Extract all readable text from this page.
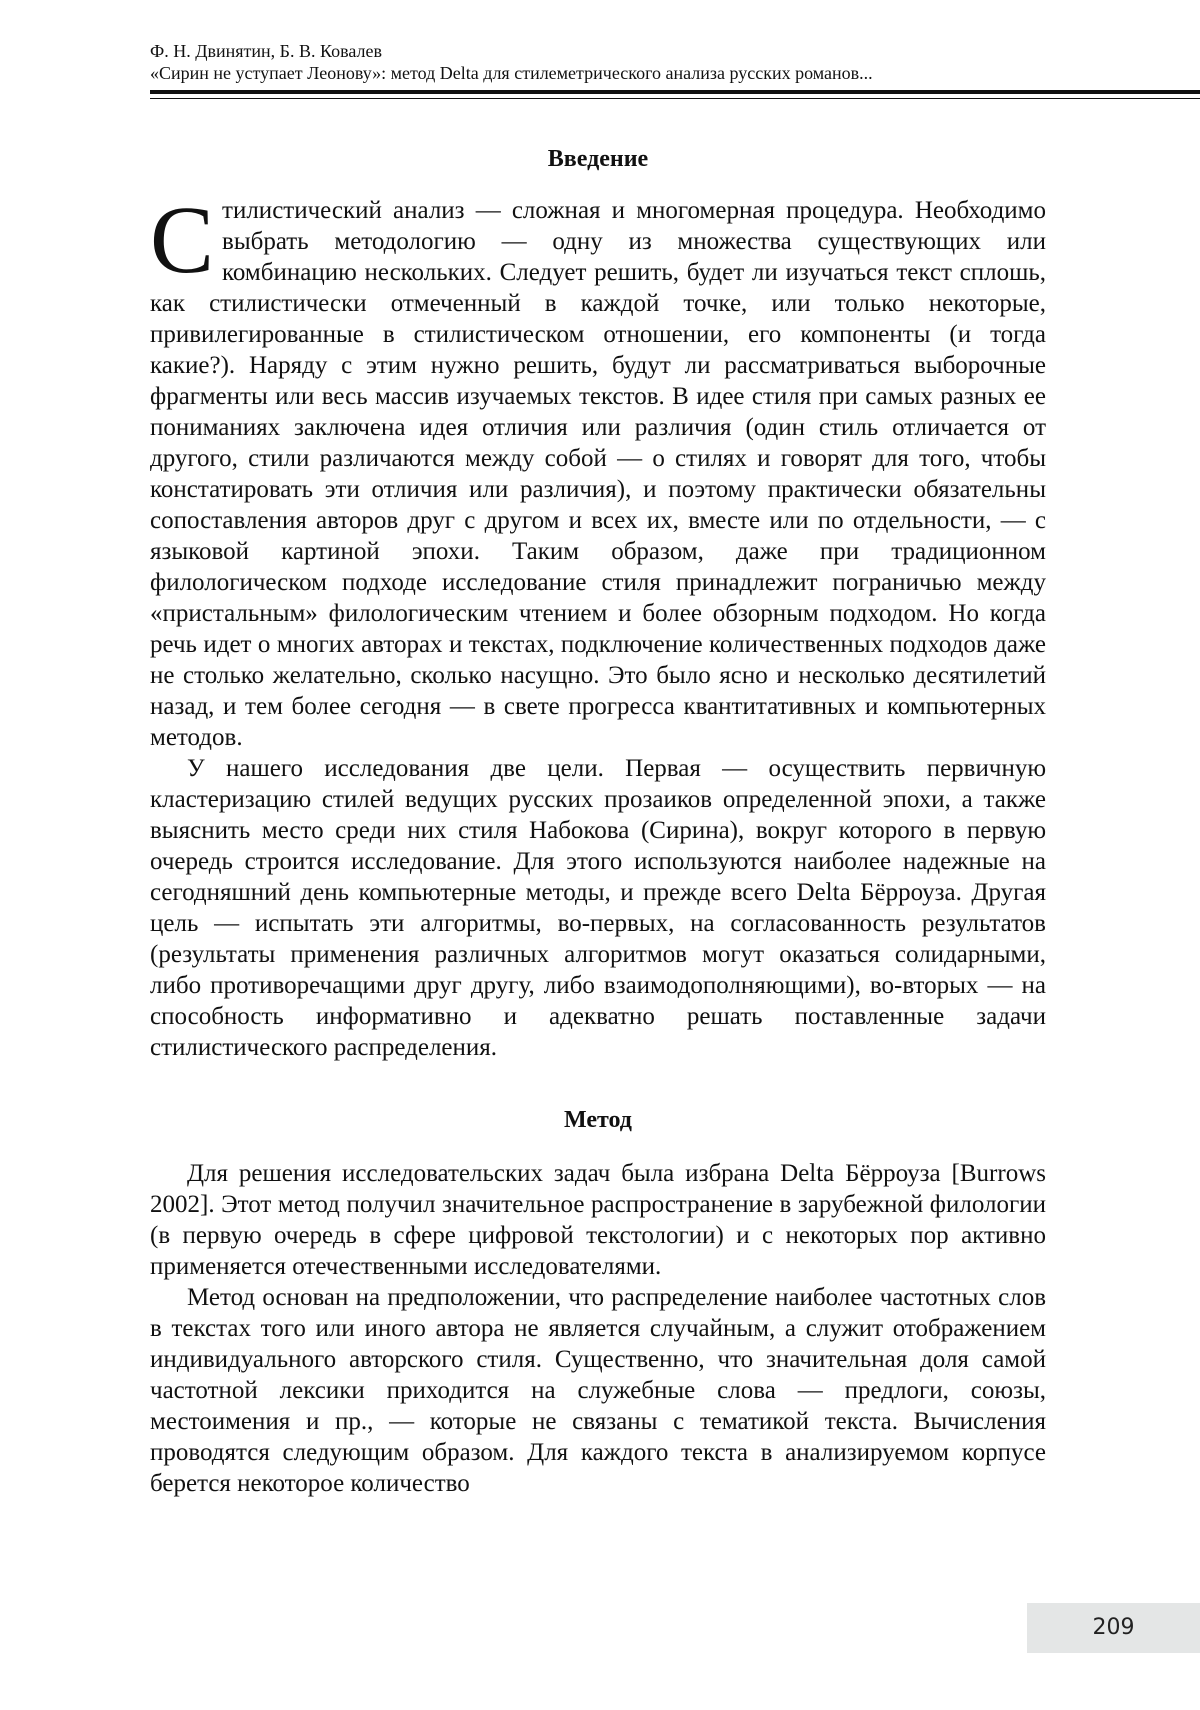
Ф. Н. Двинятин, Б. В. Ковалев
«Сирин не уступает Леонову»: метод Delta для стилеметрического анализа русских романов...
Введение

Стилистический анализ — сложная и многомерная процедура. Необходимо выбрать методологию — одну из множества существующих или комбинацию нескольких. Следует решить, будет ли изучаться текст сплошь, как стилистически отмеченный в каждой точке, или только некоторые, привилегированные в стилистическом отношении, его компоненты (и тогда какие?). Наряду с этим нужно решить, будут ли рассматриваться выборочные фрагменты или весь массив изучаемых текстов. В идее стиля при самых разных ее пониманиях заключена идея отличия или различия (один стиль отличается от другого, стили различаются между собой — о стилях и говорят для того, чтобы констатировать эти отличия или различия), и поэтому практически обязательны сопоставления авторов друг с другом и всех их, вместе или по отдельности, — с языковой картиной эпохи. Таким образом, даже при традиционном филологическом подходе исследование стиля принадлежит пограничью между «пристальным» филологическим чтением и более обзорным подходом. Но когда речь идет о многих авторах и текстах, подключение количественных подходов даже не столько желательно, сколько насущно. Это было ясно и несколько десятилетий назад, и тем более сегодня — в свете прогресса квантитативных и компьютерных методов.

У нашего исследования две цели. Первая — осуществить первичную кластеризацию стилей ведущих русских прозаиков определенной эпохи, а также выяснить место среди них стиля Набокова (Сирина), вокруг которого в первую очередь строится исследование. Для этого используются наиболее надежные на сегодняшний день компьютерные методы, и прежде всего Delta Бёрроуза. Другая цель — испытать эти алгоритмы, во-первых, на согласованность результатов (результаты применения различных алгоритмов могут оказаться солидарными, либо противоречащими друг другу, либо взаимодополняющими), во-вторых — на способность информативно и адекватно решать поставленные задачи стилистического распределения.

Метод

Для решения исследовательских задач была избрана Delta Бёрроуза [Burrows 2002]. Этот метод получил значительное распространение в зарубежной филологии (в первую очередь в сфере цифровой текстологии) и с некоторых пор активно применяется отечественными исследователями.

Метод основан на предположении, что распределение наиболее частотных слов в текстах того или иного автора не является случайным, а служит отображением индивидуального авторского стиля. Существенно, что значительная доля самой частотной лексики приходится на служебные слова — предлоги, союзы, местоимения и пр., — которые не связаны с тематикой текста. Вычисления проводятся следующим образом. Для каждого текста в анализируемом корпусе берется некоторое количество

209
